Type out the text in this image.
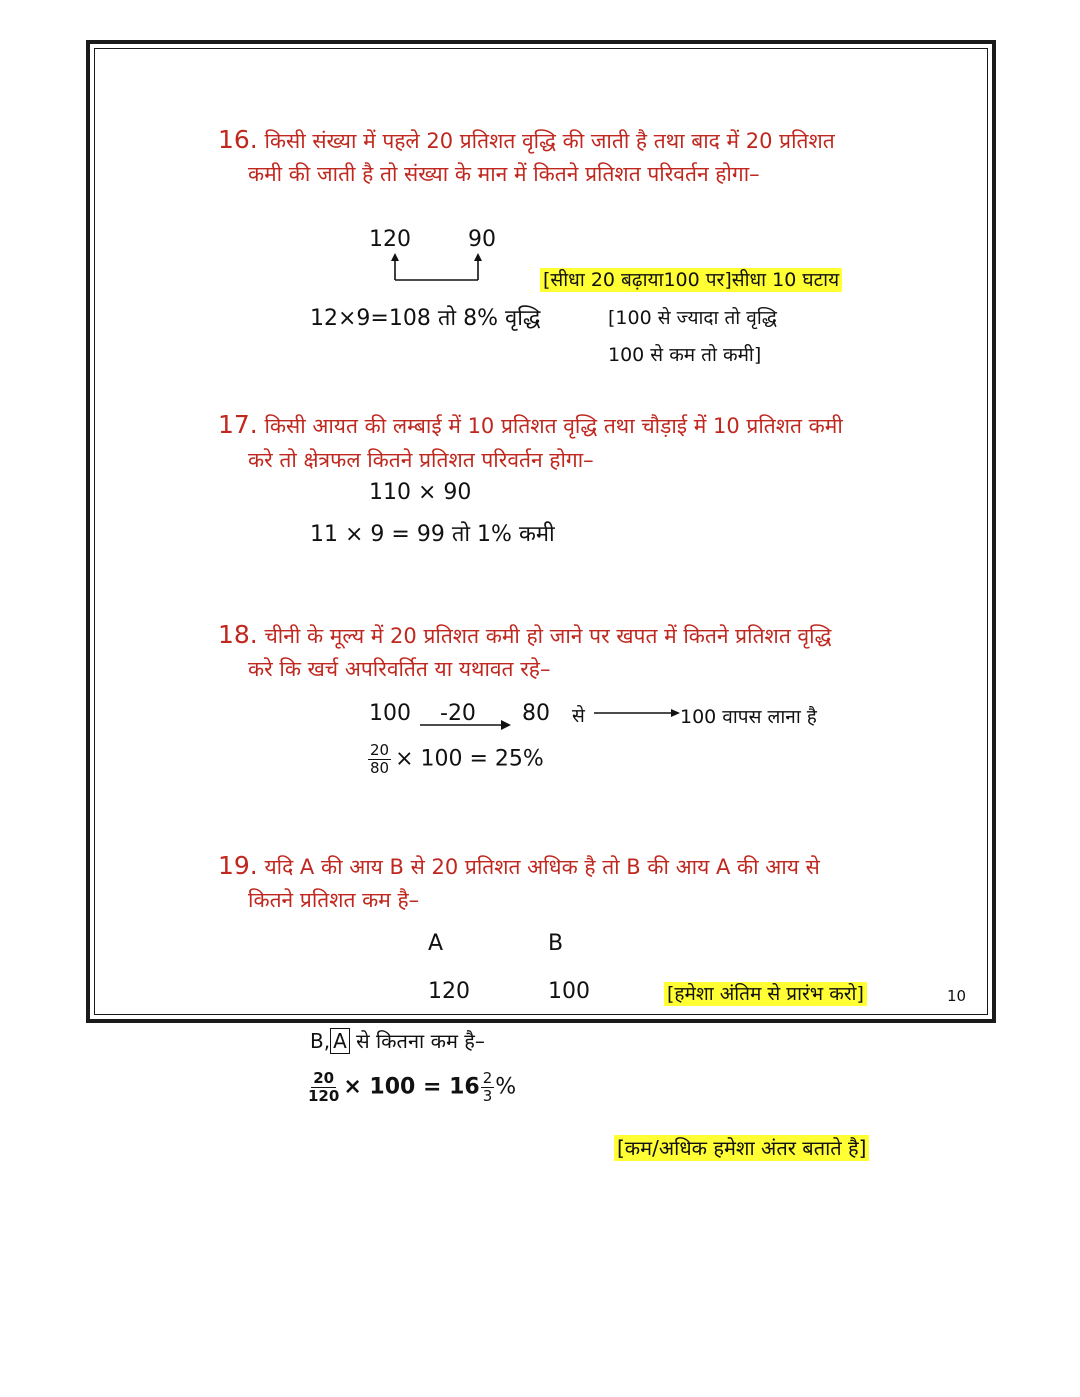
16. किसी संख्या में पहले 20 प्रतिशत वृद्धि की जाती है तथा बाद में 20 प्रतिशत
कमी की जाती है तो संख्या के मान में कितने प्रतिशत परिवर्तन होगा–
120	90
12×9=108 तो 8% वृद्धि
[सीधा 20 बढ़ाया100 पर]सीधा 10 घटाय
[100 से ज्यादा तो वृद्धि
100 से कम तो कमी]
17. किसी आयत की लम्बाई में 10 प्रतिशत वृद्धि तथा चौड़ाई में 10 प्रतिशत कमी
करे तो क्षेत्रफल कितने प्रतिशत परिवर्तन होगा–
110 × 90
11 × 9 = 99 तो 1% कमी
18. चीनी के मूल्य में 20 प्रतिशत कमी हो जाने पर खपत में कितने प्रतिशत वृद्धि
करे कि खर्च अपरिवर्तित या यथावत रहे–
100 -20 80 से	100 वापस लाना है
$\frac{20}{80} \times 100 = 25\%$
19. यदि A की आय B से 20 प्रतिशत अधिक है तो B की आय A की आय से
कितने प्रतिशत कम है–
A	B
120	100	[हमेशा अंतिम से प्रारंभ करो]
B, A से कितना कम है–
$\frac{20}{120} \times 100 = 16 \frac{2}{3}$ %
[कम/अधिक हमेशा अंतर बताते है]
10
